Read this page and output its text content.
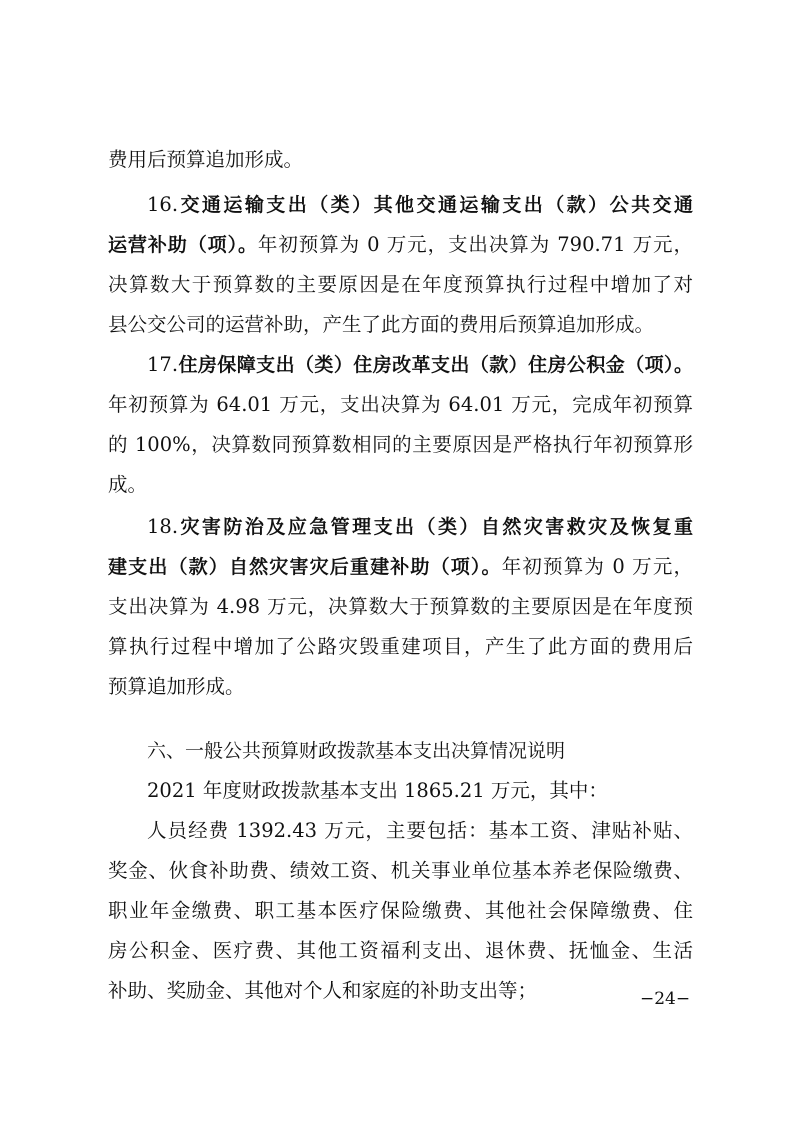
费用后预算追加形成。
16.交通运输支出（类）其他交通运输支出（款）公共交通
运营补助（项）。年初预算为 0 万元，支出决算为 790.71 万元，
决算数大于预算数的主要原因是在年度预算执行过程中增加了对
县公交公司的运营补助，产生了此方面的费用后预算追加形成。
17.住房保障支出（类）住房改革支出（款）住房公积金（项）。
年初预算为 64.01 万元，支出决算为 64.01 万元，完成年初预算
的 100%，决算数同预算数相同的主要原因是严格执行年初预算形
成。
18.灾害防治及应急管理支出（类）自然灾害救灾及恢复重
建支出（款）自然灾害灾后重建补助（项）。年初预算为 0 万元，
支出决算为 4.98 万元，决算数大于预算数的主要原因是在年度预
算执行过程中增加了公路灾毁重建项目，产生了此方面的费用后
预算追加形成。
六、一般公共预算财政拨款基本支出决算情况说明
2021 年度财政拨款基本支出 1865.21 万元，其中：
人员经费 1392.43 万元，主要包括：基本工资、津贴补贴、
奖金、伙食补助费、绩效工资、机关事业单位基本养老保险缴费、
职业年金缴费、职工基本医疗保险缴费、其他社会保障缴费、住
房公积金、医疗费、其他工资福利支出、退休费、抚恤金、生活
补助、奖励金、其他对个人和家庭的补助支出等；	−24−
